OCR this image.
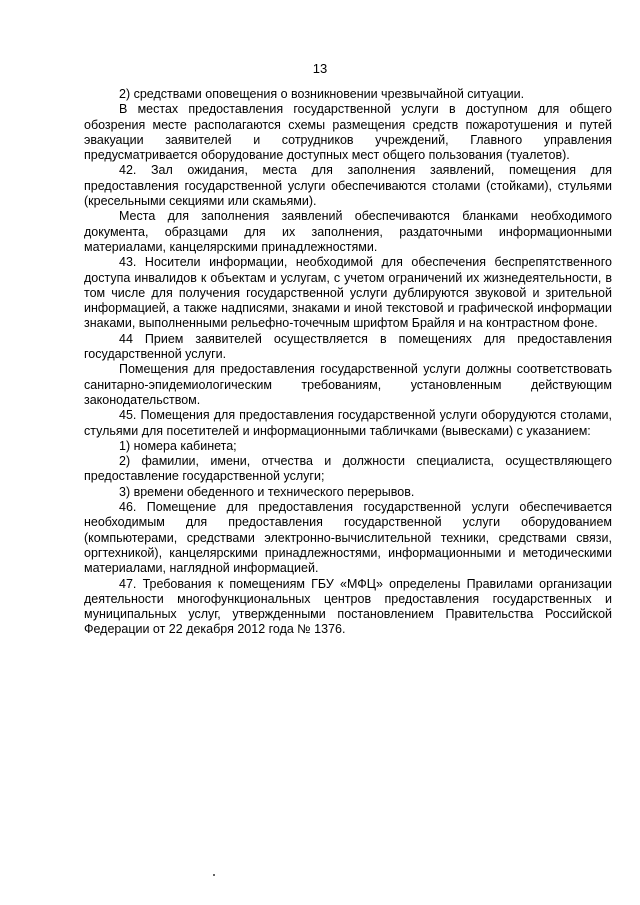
13

2) средствами оповещения о возникновении чрезвычайной ситуации.

В местах предоставления государственной услуги в доступном для общего обозрения месте располагаются схемы размещения средств пожаротушения и путей эвакуации заявителей и сотрудников учреждений, Главного управления предусматривается оборудование доступных мест общего пользования (туалетов).

42. Зал ожидания, места для заполнения заявлений, помещения для предоставления государственной услуги обеспечиваются столами (стойками), стульями (кресельными секциями или скамьями).

Места для заполнения заявлений обеспечиваются бланками необходимого документа, образцами для их заполнения, раздаточными информационными материалами, канцелярскими принадлежностями.

43. Носители информации, необходимой для обеспечения беспрепятственного доступа инвалидов к объектам и услугам, с учетом ограничений их жизнедеятельности, в том числе для получения государственной услуги дублируются звуковой и зрительной информацией, а также надписями, знаками и иной текстовой и графической информации знаками, выполненными рельефно-точечным шрифтом Брайля и на контрастном фоне.

44 Прием заявителей осуществляется в помещениях для предоставления государственной услуги.

Помещения для предоставления государственной услуги должны соответствовать санитарно-эпидемиологическим требованиям, установленным действующим законодательством.

45. Помещения для предоставления государственной услуги оборудуются столами, стульями для посетителей и информационными табличками (вывесками) с указанием:

1) номера кабинета;

2) фамилии, имени, отчества и должности специалиста, осуществляющего предоставление государственной услуги;

3) времени обеденного и технического перерывов.

46. Помещение для предоставления государственной услуги обеспечивается необходимым для предоставления государственной услуги оборудованием (компьютерами, средствами электронно-вычислительной техники, средствами связи, оргтехникой), канцелярскими принадлежностями, информационными и методическими материалами, наглядной информацией.

47. Требования к помещениям ГБУ «МФЦ» определены Правилами организации деятельности многофункциональных центров предоставления государственных и муниципальных услуг, утвержденными постановлением Правительства Российской Федерации от 22 декабря 2012 года № 1376.
